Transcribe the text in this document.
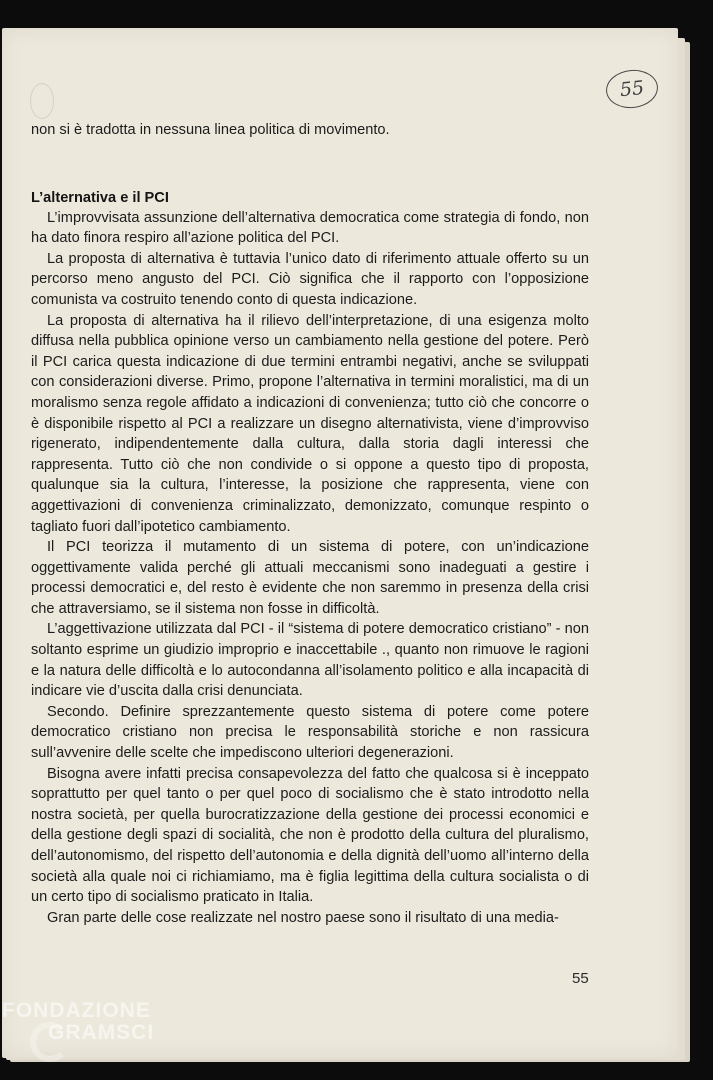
55

non si è tradotta in nessuna linea politica di movimento.

L’alternativa e il PCI

L’improvvisata assunzione dell’alternativa democratica come strategia di fondo, non ha dato finora respiro all’azione politica del PCI.

La proposta di alternativa è tuttavia l’unico dato di riferimento attuale offerto su un percorso meno angusto del PCI. Ciò significa che il rapporto con l’opposizione comunista va costruito tenendo conto di questa indicazione.

La proposta di alternativa ha il rilievo dell’interpretazione, di una esigenza molto diffusa nella pubblica opinione verso un cambiamento nella gestione del potere. Però il PCI carica questa indicazione di due termini entrambi negativi, anche se sviluppati con considerazioni diverse. Primo, propone l’alternativa in termini moralistici, ma di un moralismo senza regole affidato a indicazioni di convenienza; tutto ciò che concorre o è disponibile rispetto al PCI a realizzare un disegno alternativista, viene d’improvviso rigenerato, indipendentemente dalla cultura, dalla storia dagli interessi che rappresenta. Tutto ciò che non condivide o si oppone a questo tipo di proposta, qualunque sia la cultura, l’interesse, la posizione che rappresenta, viene con aggettivazioni di convenienza criminalizzato, demonizzato, comunque respinto o tagliato fuori dall’ipotetico cambiamento.

Il PCI teorizza il mutamento di un sistema di potere, con un’indicazione oggettivamente valida perché gli attuali meccanismi sono inadeguati a gestire i processi democratici e, del resto è evidente che non saremmo in presenza della crisi che attraversiamo, se il sistema non fosse in difficoltà.

L’aggettivazione utilizzata dal PCI - il “sistema di potere democratico cristiano” - non soltanto esprime un giudizio improprio e inaccettabile ., quanto non rimuove le ragioni e la natura delle difficoltà e lo autocondanna all’isolamento politico e alla incapacità di indicare vie d’uscita dalla crisi denunciata.

Secondo. Definire sprezzantemente questo sistema di potere come potere democratico cristiano non precisa le responsabilità storiche e non rassicura sull’avvenire delle scelte che impediscono ulteriori degenerazioni.

Bisogna avere infatti precisa consapevolezza del fatto che qualcosa si è inceppato soprattutto per quel tanto o per quel poco di socialismo che è stato introdotto nella nostra società, per quella burocratizzazione della gestione dei processi economici e della gestione degli spazi di socialità, che non è prodotto della cultura del pluralismo, dell’autonomismo, del rispetto dell’autonomia e della dignità dell’uomo all’interno della società alla quale noi ci richiamiamo, ma è figlia legittima della cultura socialista o di un certo tipo di socialismo praticato in Italia.

Gran parte delle cose realizzate nel nostro paese sono il risultato di una media-

55
FONDAZIONE
GRAMSCI
